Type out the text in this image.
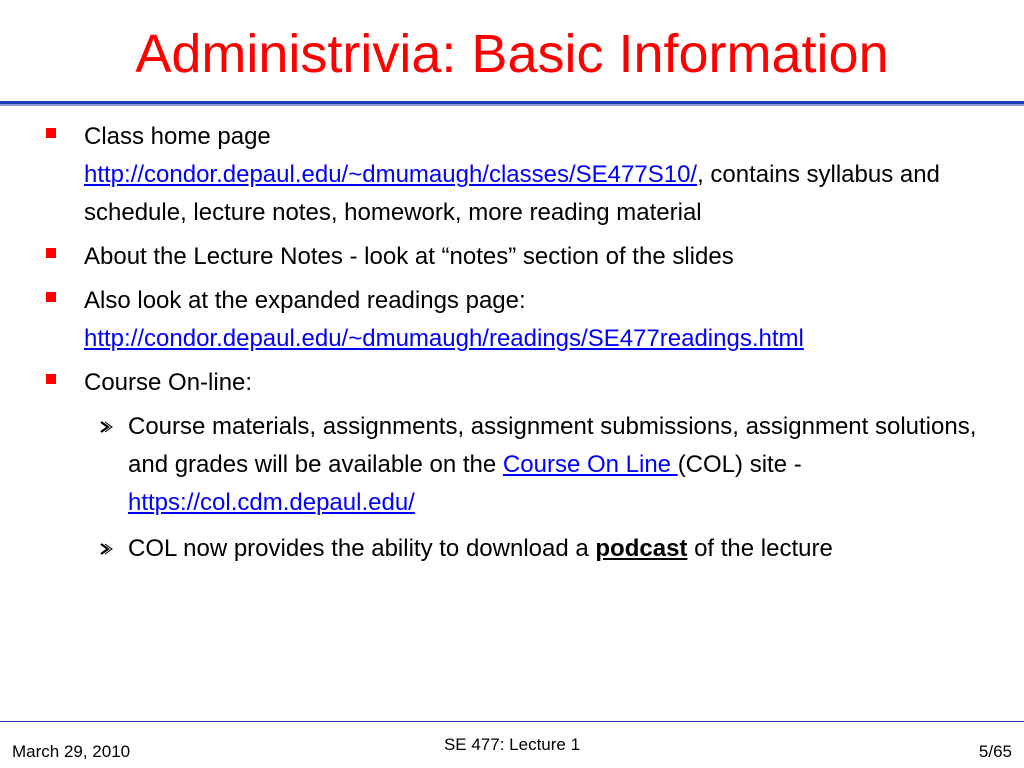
Administrivia: Basic Information
Class home page
http://condor.depaul.edu/~dmumaugh/classes/SE477S10/, contains syllabus and schedule, lecture notes, homework, more reading material
About the Lecture Notes - look at “notes” section of the slides
Also look at the expanded readings page:
http://condor.depaul.edu/~dmumaugh/readings/SE477readings.html
Course On-line:
Course materials, assignments, assignment submissions, assignment solutions, and grades will be available on the Course On Line (COL) site - https://col.cdm.depaul.edu/
COL now provides the ability to download a podcast of the lecture
March 29, 2010	SE 477: Lecture 1	5/65
